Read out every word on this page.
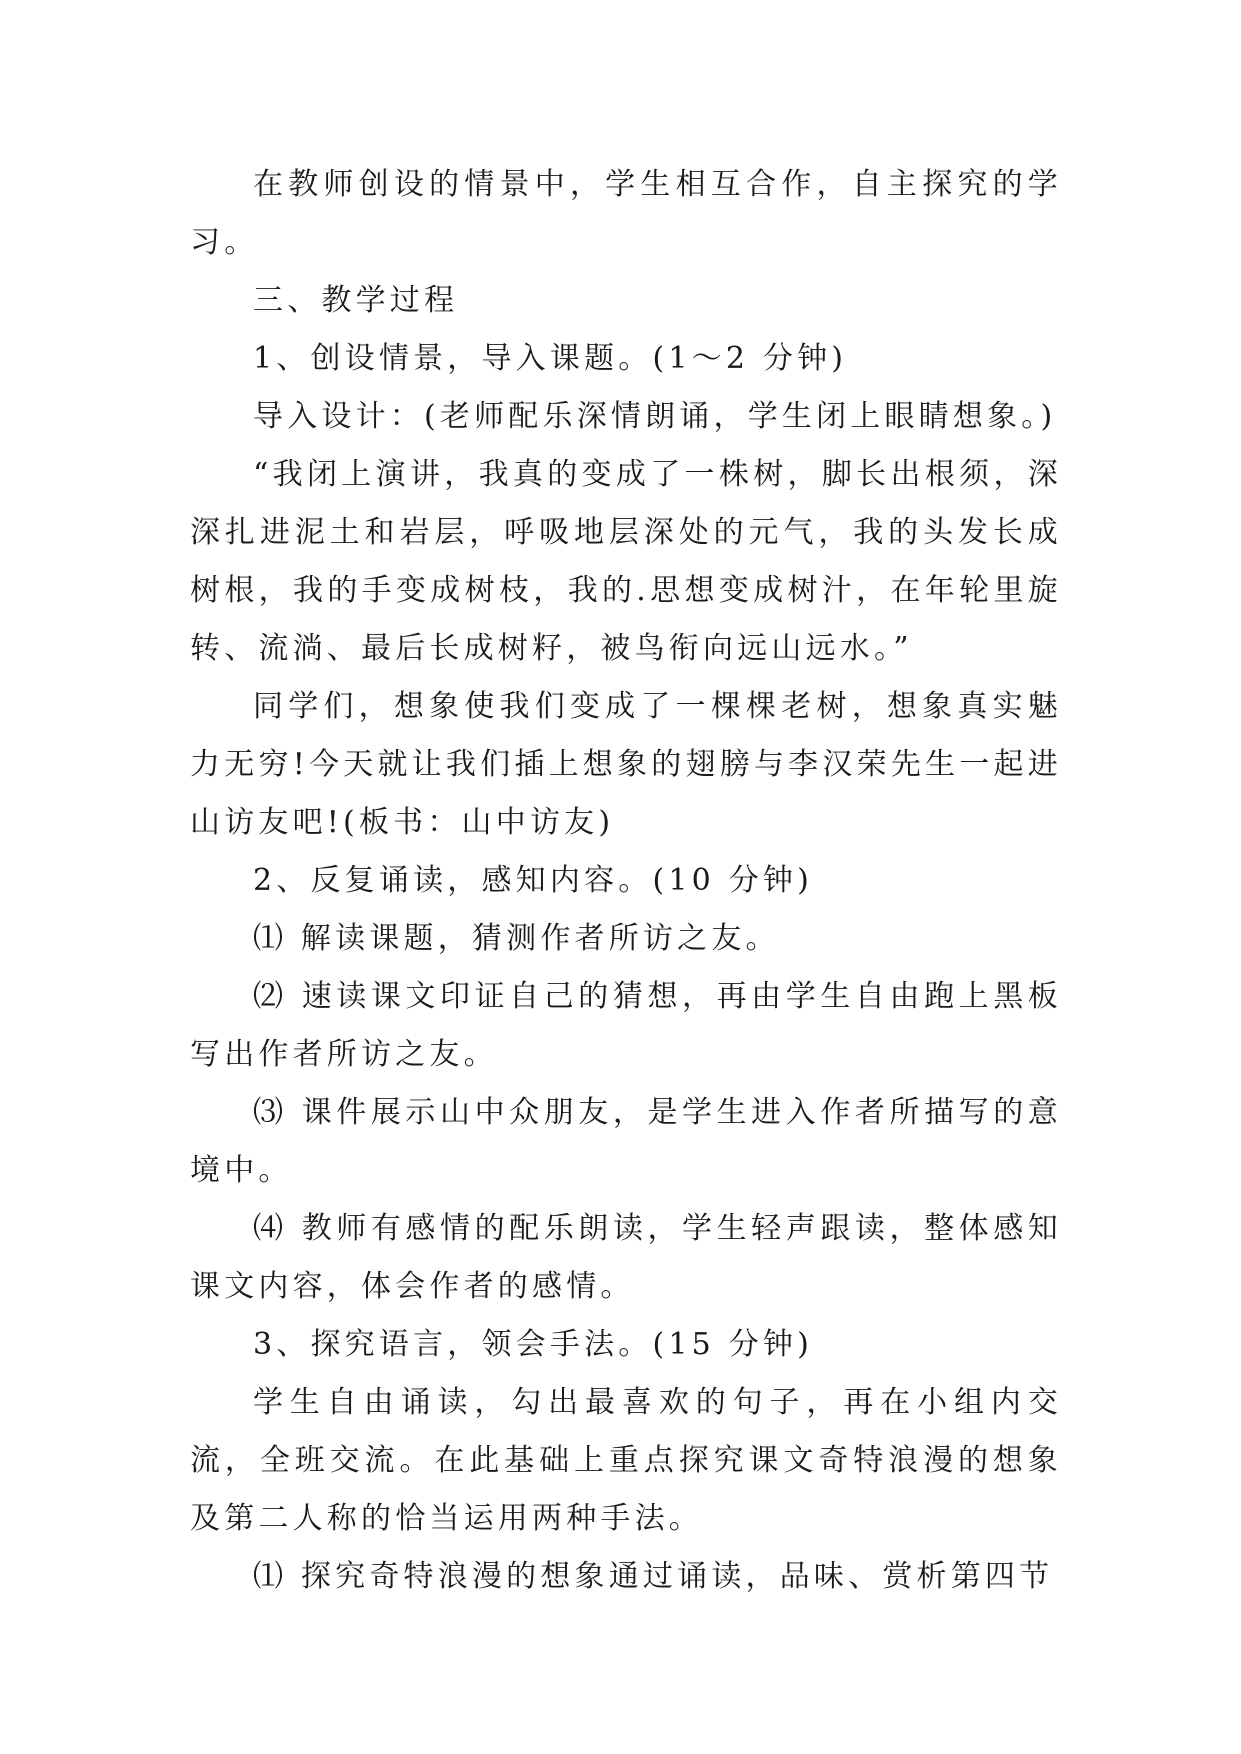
在教师创设的情景中，学生相互合作，自主探究的学习。

三、教学过程

1、创设情景，导入课题。(1～2 分钟)

导入设计：(老师配乐深情朗诵，学生闭上眼睛想象。)

“我闭上演讲，我真的变成了一株树，脚长出根须，深深扎进泥土和岩层，呼吸地层深处的元气，我的头发长成树根，我的手变成树枝，我的.思想变成树汁，在年轮里旋转、流淌、最后长成树籽，被鸟衔向远山远水。”

同学们，想象使我们变成了一棵棵老树，想象真实魅力无穷!今天就让我们插上想象的翅膀与李汉荣先生一起进山访友吧!(板书：山中访友)

2、反复诵读，感知内容。(10 分钟)

⑴ 解读课题，猜测作者所访之友。

⑵ 速读课文印证自己的猜想，再由学生自由跑上黑板写出作者所访之友。

⑶ 课件展示山中众朋友，是学生进入作者所描写的意境中。

⑷ 教师有感情的配乐朗读，学生轻声跟读，整体感知课文内容，体会作者的感情。

3、探究语言，领会手法。(15 分钟)

学生自由诵读，勾出最喜欢的句子，再在小组内交流，全班交流。在此基础上重点探究课文奇特浪漫的想象及第二人称的恰当运用两种手法。

⑴ 探究奇特浪漫的想象通过诵读，品味、赏析第四节
